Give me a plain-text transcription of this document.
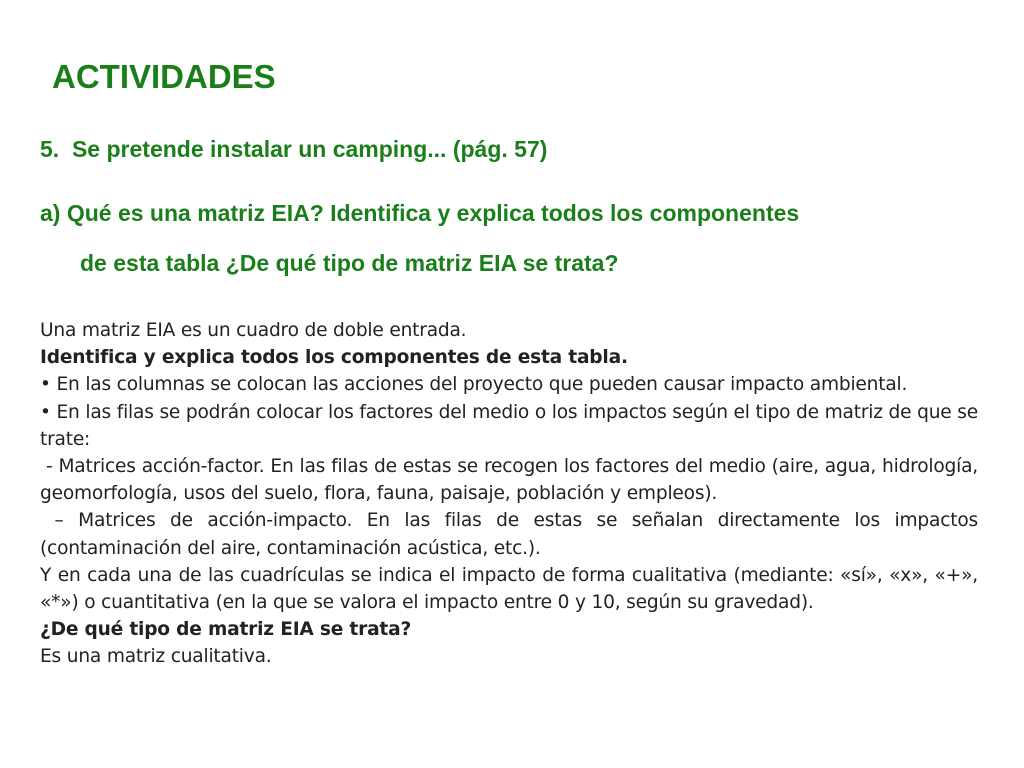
ACTIVIDADES

5. Se pretende instalar un camping... (pág. 57)

a) Qué es una matriz EIA? Identifica y explica todos los componentes
de esta tabla ¿De qué tipo de matriz EIA se trata?

Una matriz EIA es un cuadro de doble entrada.

Identifica y explica todos los componentes de esta tabla.

• En las columnas se colocan las acciones del proyecto que pueden causar impacto ambiental.

• En las filas se podrán colocar los factores del medio o los impactos según el tipo de matriz de que se trate:

- Matrices acción-factor. En las filas de estas se recogen los factores del medio (aire, agua, hidrología, geomorfología, usos del suelo, flora, fauna, paisaje, población y empleos).

– Matrices de acción-impacto. En las filas de estas se señalan directamente los impactos (contaminación del aire, contaminación acústica, etc.).

Y en cada una de las cuadrículas se indica el impacto de forma cualitativa (mediante: «sí», «x», «+», «*») o cuantitativa (en la que se valora el impacto entre 0 y 10, según su gravedad).

¿De qué tipo de matriz EIA se trata?

Es una matriz cualitativa.
